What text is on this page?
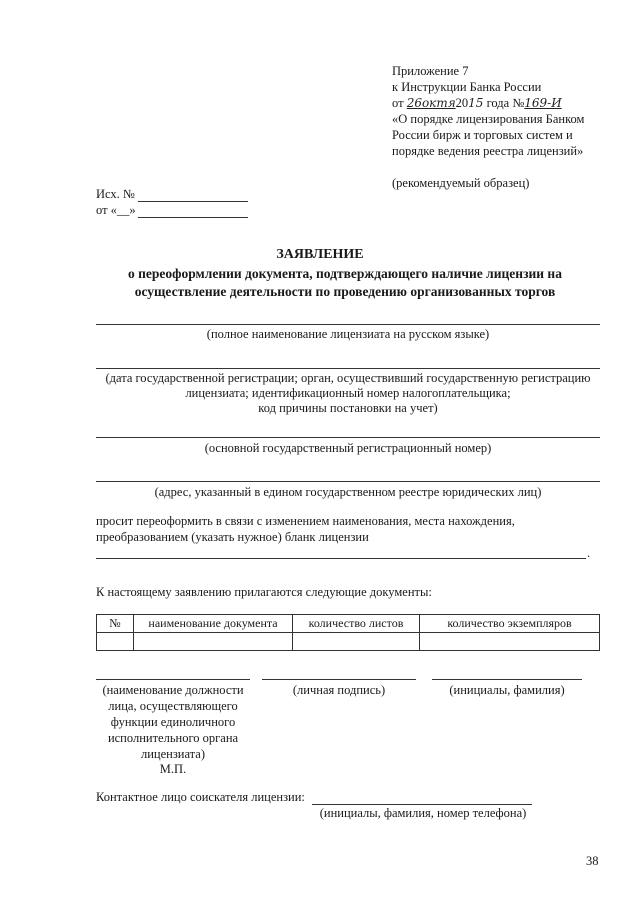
Приложение 7
к Инструкции Банка России
от 26октя2015 года №169-И
«О порядке лицензирования Банком
России бирж и торговых систем и
порядке ведения реестра лицензий»
(рекомендуемый образец)
Исх. №
от «__»
ЗАЯВЛЕНИЕ
о переоформлении документа, подтверждающего наличие лицензии на
осуществление деятельности по проведению организованных торгов
(полное наименование лицензиата на русском языке)
(дата государственной регистрации; орган, осуществивший государственную регистрацию
лицензиата; идентификационный номер налогоплательщика;
код причины постановки на учет)
(основной государственный регистрационный номер)
(адрес, указанный в едином государственном реестре юридических лиц)
просит переоформить в связи с изменением наименования, места нахождения,
преобразованием (указать нужное) бланк лицензии
.
К настоящему заявлению прилагаются следующие документы:
№	наименование документа	количество листов	количество экземпляров

(наименование должности
лица, осуществляющего
функции единоличного
исполнительного органа
лицензиата)
М.П.
(личная подпись)	(инициалы, фамилия)
Контактное лицо соискателя лицензии:
(инициалы, фамилия, номер телефона)
38
